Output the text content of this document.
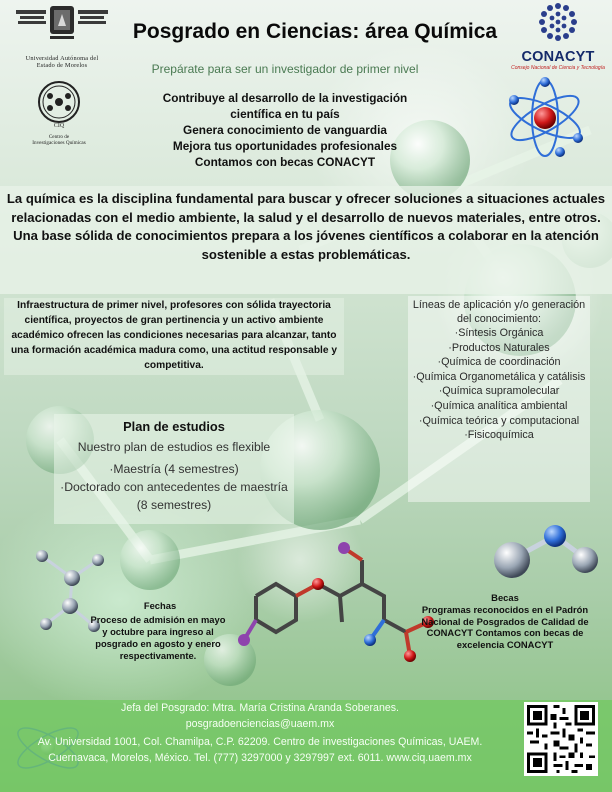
Universidad Autónoma del
Estado de Morelos
CIQ
Centro de
Investigaciones Químicas
Posgrado en Ciencias: área Química

Prepárate para ser un investigador de primer nivel

CONACYT
Consejo Nacional de Ciencia y Tecnología
Contribuye al desarrollo de la investigación
científica en tu país
Genera conocimiento de vanguardia
Mejora tus oportunidades profesionales
Contamos con becas CONACYT

La química es la disciplina fundamental para buscar y ofrecer soluciones a situaciones actuales relacionadas con el medio ambiente, la salud y el desarrollo de nuevos materiales, entre otros. Una base sólida de conocimientos prepara a los jóvenes científicos a colaborar en la atención sostenible a estas problemáticas.

Infraestructura de primer nivel, profesores con sólida trayectoria científica, proyectos de gran pertinencia y un activo ambiente académico ofrecen las condiciones necesarias para alcanzar, tanto una formación académica madura como, una actitud responsable y competitiva.

Líneas de aplicación y/o generación del conocimiento:

·Síntesis Orgánica
·Productos Naturales
·Química de coordinación
·Química Organometálica y catálisis
·Química supramolecular
·Química analítica ambiental
·Química teórica y computacional
·Fisicoquímica
Plan de estudios

Nuestro plan de estudios es flexible

·Maestría (4 semestres)
·Doctorado con antecedentes de maestría (8 semestres)
Fechas

Proceso de admisión en mayo y octubre para ingreso al posgrado en agosto y enero respectivamente.

Becas

Programas reconocidos en el Padrón Nacional de Posgrados de Calidad de CONACYT Contamos con becas de excelencia CONACYT

Jefa del Posgrado: Mtra. María Cristina Aranda Soberanes.

posgradoenciencias@uaem.mx

Av. Universidad 1001, Col. Chamilpa, C.P. 62209. Centro de investigaciones Químicas, UAEM.

Cuernavaca, Morelos, México. Tel. (777) 3297000 y 3297997 ext. 6011. www.ciq.uaem.mx
